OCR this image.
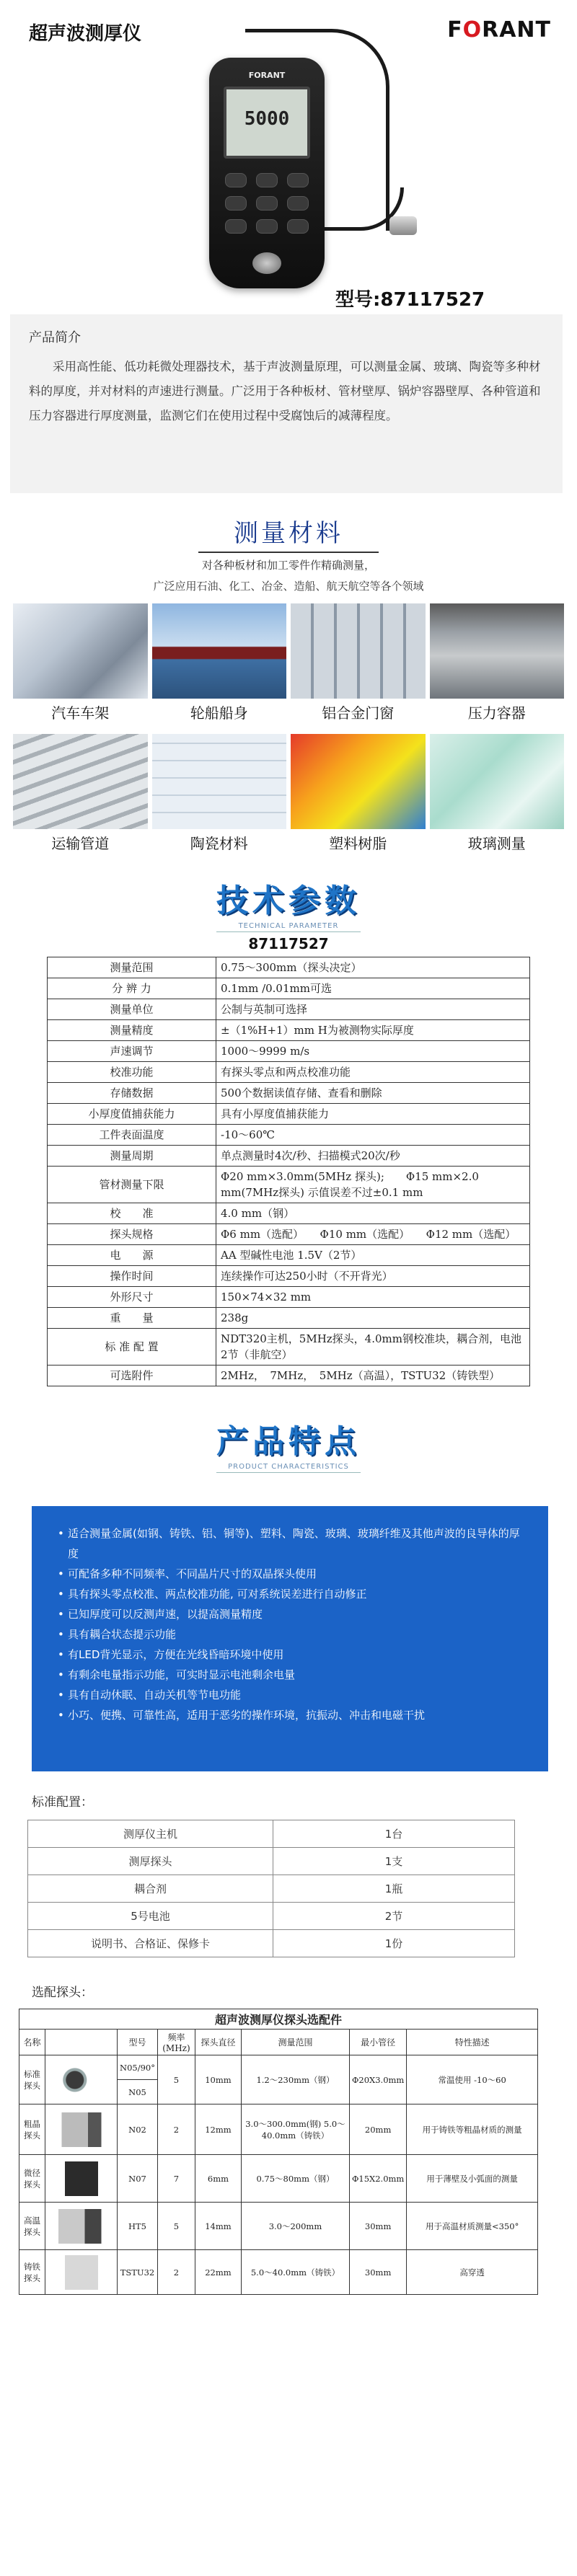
超声波测厚仪	FORANT
FORANT
5000
型号:87117527
产品简介

采用高性能、低功耗微处理器技术，基于声波测量原理，可以测量金属、玻璃、陶瓷等多种材料的厚度，并对材料的声速进行测量。广泛用于各种板材、管材壁厚、锅炉容器壁厚、各种管道和压力容器进行厚度测量，监测它们在使用过程中受腐蚀后的减薄程度。

测量材料
对各种板材和加工零件作精确测量，
广泛应用石油、化工、冶金、造船、航天航空等各个领域
汽车车架	轮船船身	铝合金门窗	压力容器
运输管道	陶瓷材料	塑料树脂	玻璃测量
技术参数
TECHNICAL PARAMETER
87117527
测量范围	0.75～300mm（探头决定）
分 辨 力	0.1mm /0.01mm可选
测量单位	公制与英制可选择
测量精度	±（1%H+1）mm H为被测物实际厚度
声速调节	1000～9999 m/s
校准功能	有探头零点和两点校准功能
存储数据	500个数据读值存储、查看和删除
小厚度值捕获能力	具有小厚度值捕获能力
工件表面温度	-10～60℃
测量周期	单点测量时4次/秒、扫描模式20次/秒
管材测量下限	Φ20 mm×3.0mm(5MHz 探头);　　Φ15 mm×2.0 mm(7MHz探头) 示值误差不过±0.1 mm
校　　准	4.0 mm（钢）
探头规格	Φ6 mm（选配）　　Φ10 mm（选配）　　Φ12 mm（选配）
电　　源	AA 型碱性电池 1.5V（2节）
操作时间	连续操作可达250小时（不开背光）
外形尺寸	150×74×32 mm
重　　量	238g
标 准 配 置	NDT320主机，5MHz探头，4.0mm钢校准块，耦合剂，电池2节（非航空）
可选附件	2MHz，　7MHz，　5MHz（高温），TSTU32（铸铁型）
产品特点
PRODUCT CHARACTERISTICS
• 适合测量金属(如钢、铸铁、铝、铜等)、塑料、陶瓷、玻璃、玻璃纤维及其他声波的良导体的厚度
• 可配备多种不同频率、不同晶片尺寸的双晶探头使用
• 具有探头零点校准、两点校准功能, 可对系统误差进行自动修正
• 已知厚度可以反测声速，以提高测量精度
• 具有耦合状态提示功能
• 有LED背光显示，方便在光线昏暗环境中使用
• 有剩余电量指示功能，可实时显示电池剩余电量
• 具有自动休眠、自动关机等节电功能
• 小巧、便携、可靠性高，适用于恶劣的操作环境，抗振动、冲击和电磁干扰
标准配置：
测厚仪主机	1台
测厚探头	1支
耦合剂	1瓶
5号电池	2节
说明书、合格证、保修卡	1份
选配探头：
超声波测厚仪探头选配件							
名称		型号	频率(MHz)	探头直径	测量范围	最小管径	特性描述
标准探头		N05/90°	5	10mm	1.2～230mm（钢）	Φ20X3.0mm	常温使用 -10～60
		N05					
粗晶探头		N02	2	12mm	3.0～300.0mm(钢) 5.0～40.0mm（铸铁）	20mm	用于铸铁等粗晶材质的测量
微径探头		N07	7	6mm	0.75～80mm（钢）	Φ15X2.0mm	用于薄壁及小弧面的测量
高温探头		HT5	5	14mm	3.0～200mm	30mm	用于高温材质测量<350°
铸铁探头		TSTU32	2	22mm	5.0～40.0mm（铸铁）	30mm	高穿透
